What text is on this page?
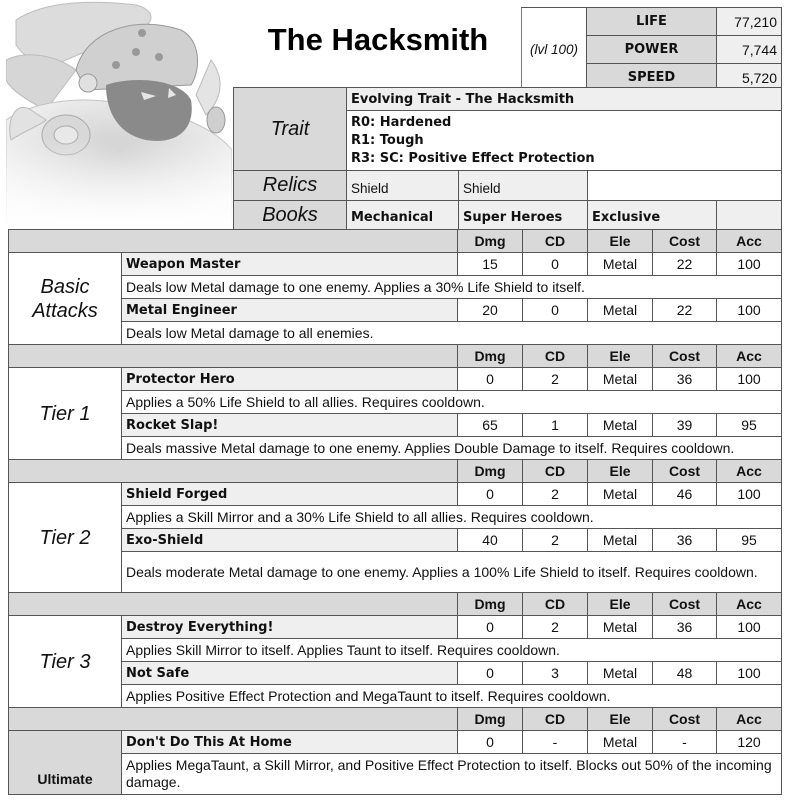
The Hacksmith	(lvl 100)	LIFE	77,210
	POWER	7,744
	SPEED	5,720
Trait	Evolving Trait - The Hacksmith			

	R0: Hardened
R1: Tough
R3: SC: Positive Effect Protection			

Relics	Shield	Shield		
Books	Mechanical	Super Heroes	Exclusive	
		Dmg	CD	Ele	Cost	Acc
Basic Attacks	Weapon Master	15	0	Metal	22	100
	Deals low Metal damage to one enemy. Applies a 30% Life Shield to itself.					
	Metal Engineer	20	0	Metal	22	100
	Deals low Metal damage to all enemies.					
		Dmg	CD	Ele	Cost	Acc
Tier 1	Protector Hero	0	2	Metal	36	100
	Applies a 50% Life Shield to all allies. Requires cooldown.					
	Rocket Slap!	65	1	Metal	39	95
	Deals massive Metal damage to one enemy. Applies Double Damage to itself. Requires cooldown.					
		Dmg	CD	Ele	Cost	Acc
Tier 2	Shield Forged	0	2	Metal	46	100
	Applies a Skill Mirror and a 30% Life Shield to all allies. Requires cooldown.					
	Exo-Shield	40	2	Metal	36	95
	Deals moderate Metal damage to one enemy. Applies a 100% Life Shield to itself. Requires cooldown.					
		Dmg	CD	Ele	Cost	Acc
Tier 3	Destroy Everything!	0	2	Metal	36	100
	Applies Skill Mirror to itself. Applies Taunt to itself. Requires cooldown.					
	Not Safe	0	3	Metal	48	100
	Applies Positive Effect Protection and MegaTaunt to itself. Requires cooldown.					
		Dmg	CD	Ele	Cost	Acc
Ultimate	Don't Do This At Home	0	-	Metal	-	120
	Applies MegaTaunt, a Skill Mirror, and Positive Effect Protection to itself. Blocks out 50% of the incoming damage.					
